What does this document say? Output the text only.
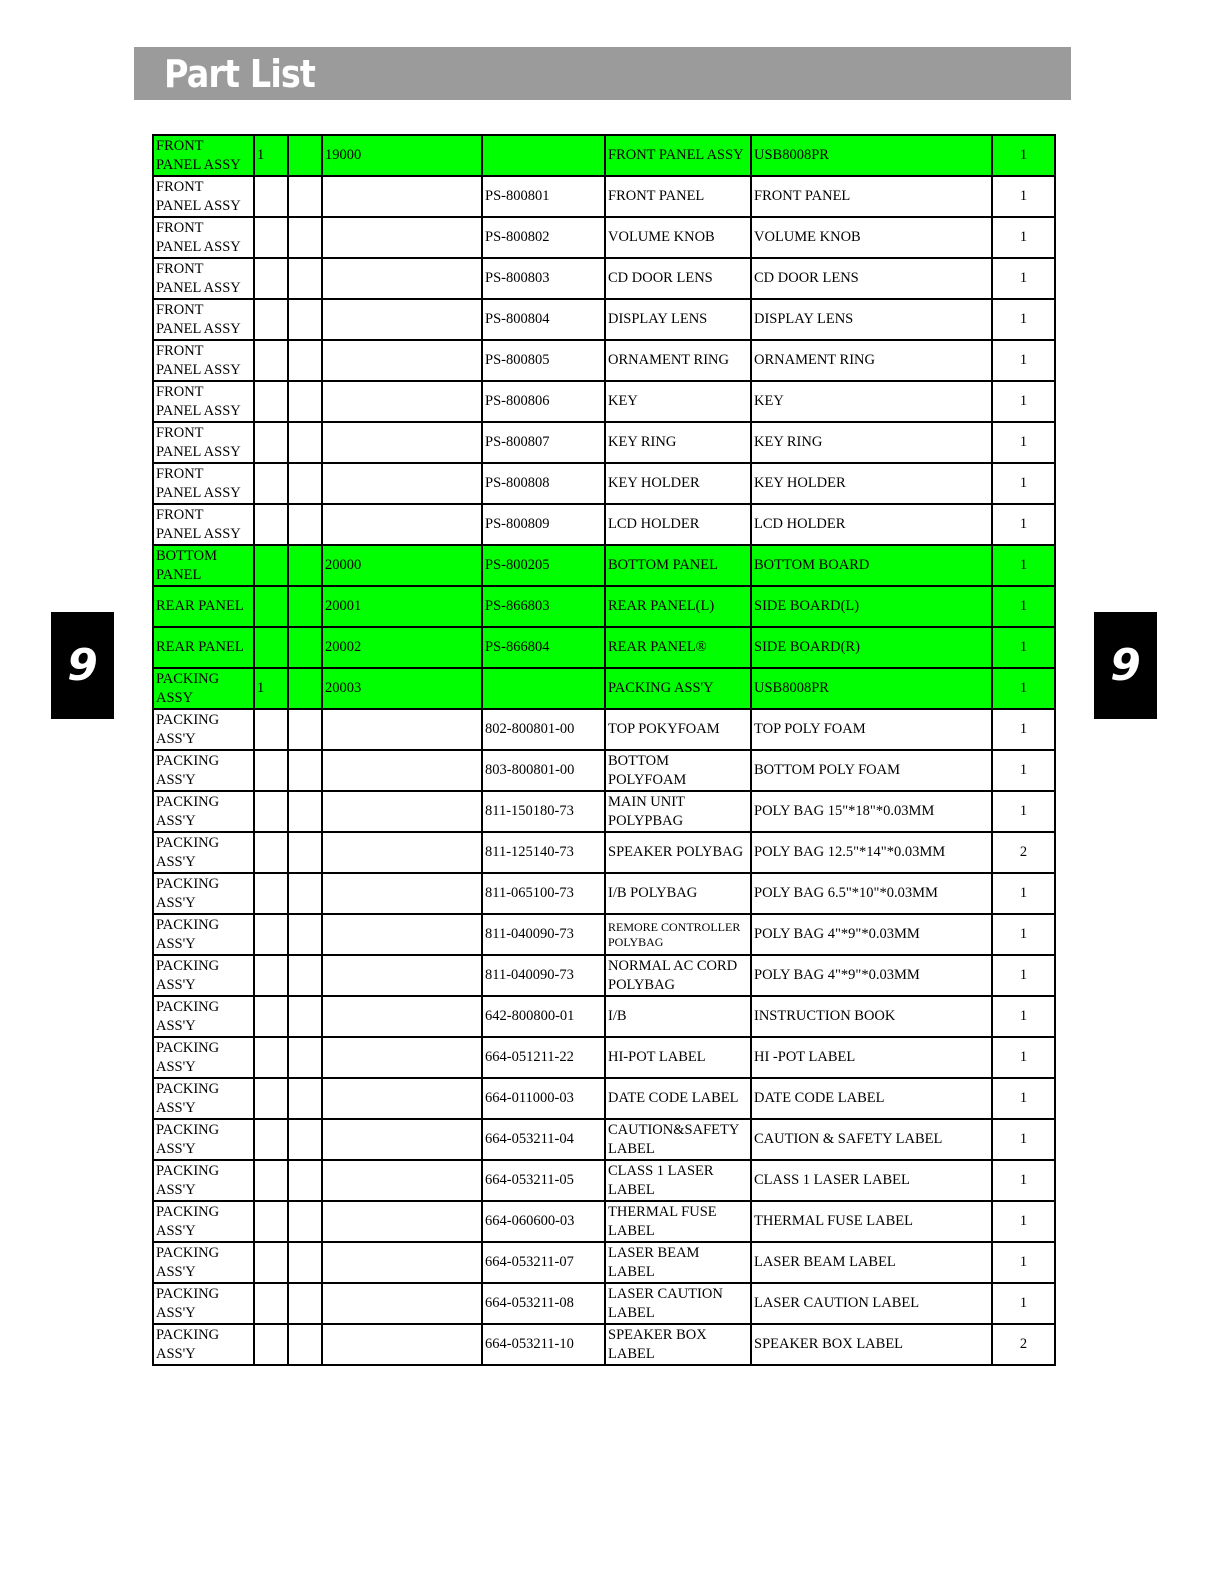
Part List
9	9
FRONT PANEL ASSY	1		19000		FRONT PANEL ASSY	USB8008PR	1
FRONT PANEL ASSY				PS-800801	FRONT PANEL	FRONT PANEL	1
FRONT PANEL ASSY				PS-800802	VOLUME KNOB	VOLUME KNOB	1
FRONT PANEL ASSY				PS-800803	CD DOOR LENS	CD DOOR LENS	1
FRONT PANEL ASSY				PS-800804	DISPLAY LENS	DISPLAY LENS	1
FRONT PANEL ASSY				PS-800805	ORNAMENT RING	ORNAMENT RING	1
FRONT PANEL ASSY				PS-800806	KEY	KEY	1
FRONT PANEL ASSY				PS-800807	KEY RING	KEY RING	1
FRONT PANEL ASSY				PS-800808	KEY HOLDER	KEY HOLDER	1
FRONT PANEL ASSY				PS-800809	LCD HOLDER	LCD HOLDER	1
BOTTOM PANEL			20000	PS-800205	BOTTOM PANEL	BOTTOM BOARD	1
REAR PANEL			20001	PS-866803	REAR PANEL(L)	SIDE BOARD(L)	1
REAR PANEL			20002	PS-866804	REAR PANEL®	SIDE BOARD(R)	1
PACKING ASSY	1		20003		PACKING ASS'Y	USB8008PR	1
PACKING ASS'Y				802-800801-00	TOP POKYFOAM	TOP POLY FOAM	1
PACKING ASS'Y				803-800801-00	BOTTOM POLYFOAM	BOTTOM POLY FOAM	1
PACKING ASS'Y				811-150180-73	MAIN UNIT POLYPBAG	POLY BAG 15"*18"*0.03MM	1
PACKING ASS'Y				811-125140-73	SPEAKER POLYBAG	POLY BAG 12.5"*14"*0.03MM	2
PACKING ASS'Y				811-065100-73	I/B POLYBAG	POLY BAG 6.5"*10"*0.03MM	1
PACKING ASS'Y				811-040090-73	REMORE CONTROLLER POLYBAG	POLY BAG 4"*9"*0.03MM	1
PACKING ASS'Y				811-040090-73	NORMAL AC CORD POLYBAG	POLY BAG 4"*9"*0.03MM	1
PACKING ASS'Y				642-800800-01	I/B	INSTRUCTION BOOK	1
PACKING ASS'Y				664-051211-22	HI-POT LABEL	HI -POT LABEL	1
PACKING ASS'Y				664-011000-03	DATE CODE LABEL	DATE CODE LABEL	1
PACKING ASS'Y				664-053211-04	CAUTION&SAFETY LABEL	CAUTION & SAFETY LABEL	1
PACKING ASS'Y				664-053211-05	CLASS 1 LASER LABEL	CLASS 1 LASER LABEL	1
PACKING ASS'Y				664-060600-03	THERMAL FUSE LABEL	THERMAL FUSE LABEL	1
PACKING ASS'Y				664-053211-07	LASER BEAM LABEL	LASER BEAM LABEL	1
PACKING ASS'Y				664-053211-08	LASER CAUTION LABEL	LASER CAUTION LABEL	1
PACKING ASS'Y				664-053211-10	SPEAKER BOX LABEL	SPEAKER BOX LABEL	2
